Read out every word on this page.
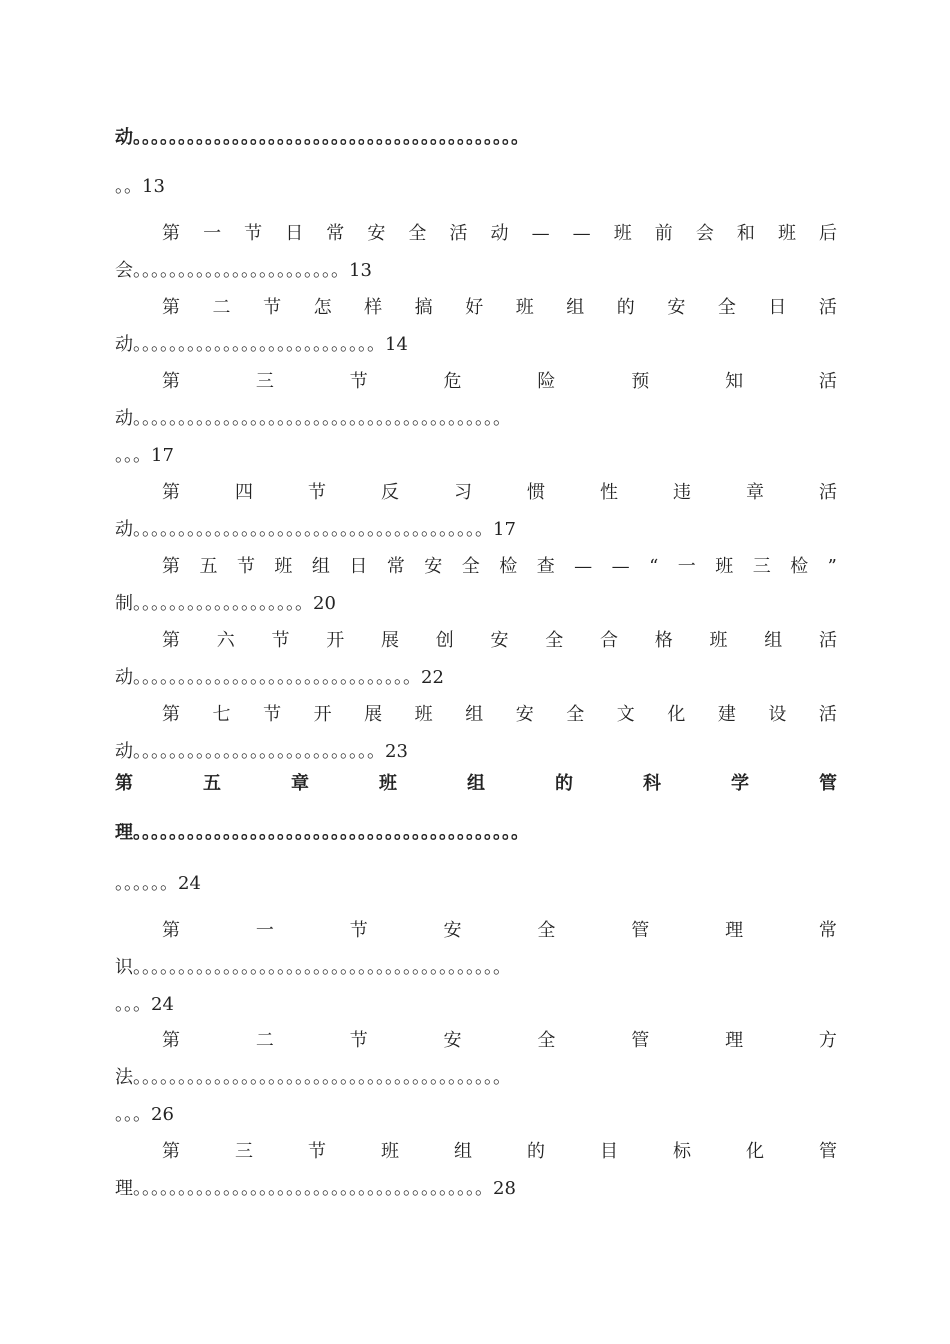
动。。。。。。。。。。。。。。。。。。。。。。。。。。。。。。。。。。。。。。。。。。。
。。13
第 一 节 日 常 安 全 活 动 — — 班 前 会 和 班 后
会。。。。。。。。。。。。。。。。。。。。。。。13
第 二 节 怎 样 搞 好 班 组 的 安 全 日 活
动。。。。。。。。。。。。。。。。。。。。。。。。。。。14
第	三	节	危	险	预	知	活
动。。。。。。。。。。。。。。。。。。。。。。。。。。。。。。。。。。。。。。。。。
。。。17
第	四	节	反	习	惯	性	违	章	活
动。。。。。。。。。。。。。。。。。。。。。。。。。。。。。。。。。。。。。。。17
第 五 节 班 组 日 常 安 全 检 查 — — “ 一 班 三 检 ”
制。。。。。。。。。。。。。。。。。。。20
第 六 节 开 展 创 安 全 合 格 班 组 活
动。。。。。。。。。。。。。。。。。。。。。。。。。。。。。。。22
第 七 节 开 展 班 组 安 全 文 化 建 设 活
动。。。。。。。。。。。。。。。。。。。。。。。。。。。23
第	五	章	班	组	的	科	学	管
理。。。。。。。。。。。。。。。。。。。。。。。。。。。。。。。。。。。。。。。。。。。
。。。。。。24
第	一	节	安	全	管	理	常
识。。。。。。。。。。。。。。。。。。。。。。。。。。。。。。。。。。。。。。。。。
。。。24
第	二	节	安	全	管	理	方
法。。。。。。。。。。。。。。。。。。。。。。。。。。。。。。。。。。。。。。。。。
。。。26
第	三	节	班	组	的	目	标	化	管
理。。。。。。。。。。。。。。。。。。。。。。。。。。。。。。。。。。。。。。。28
